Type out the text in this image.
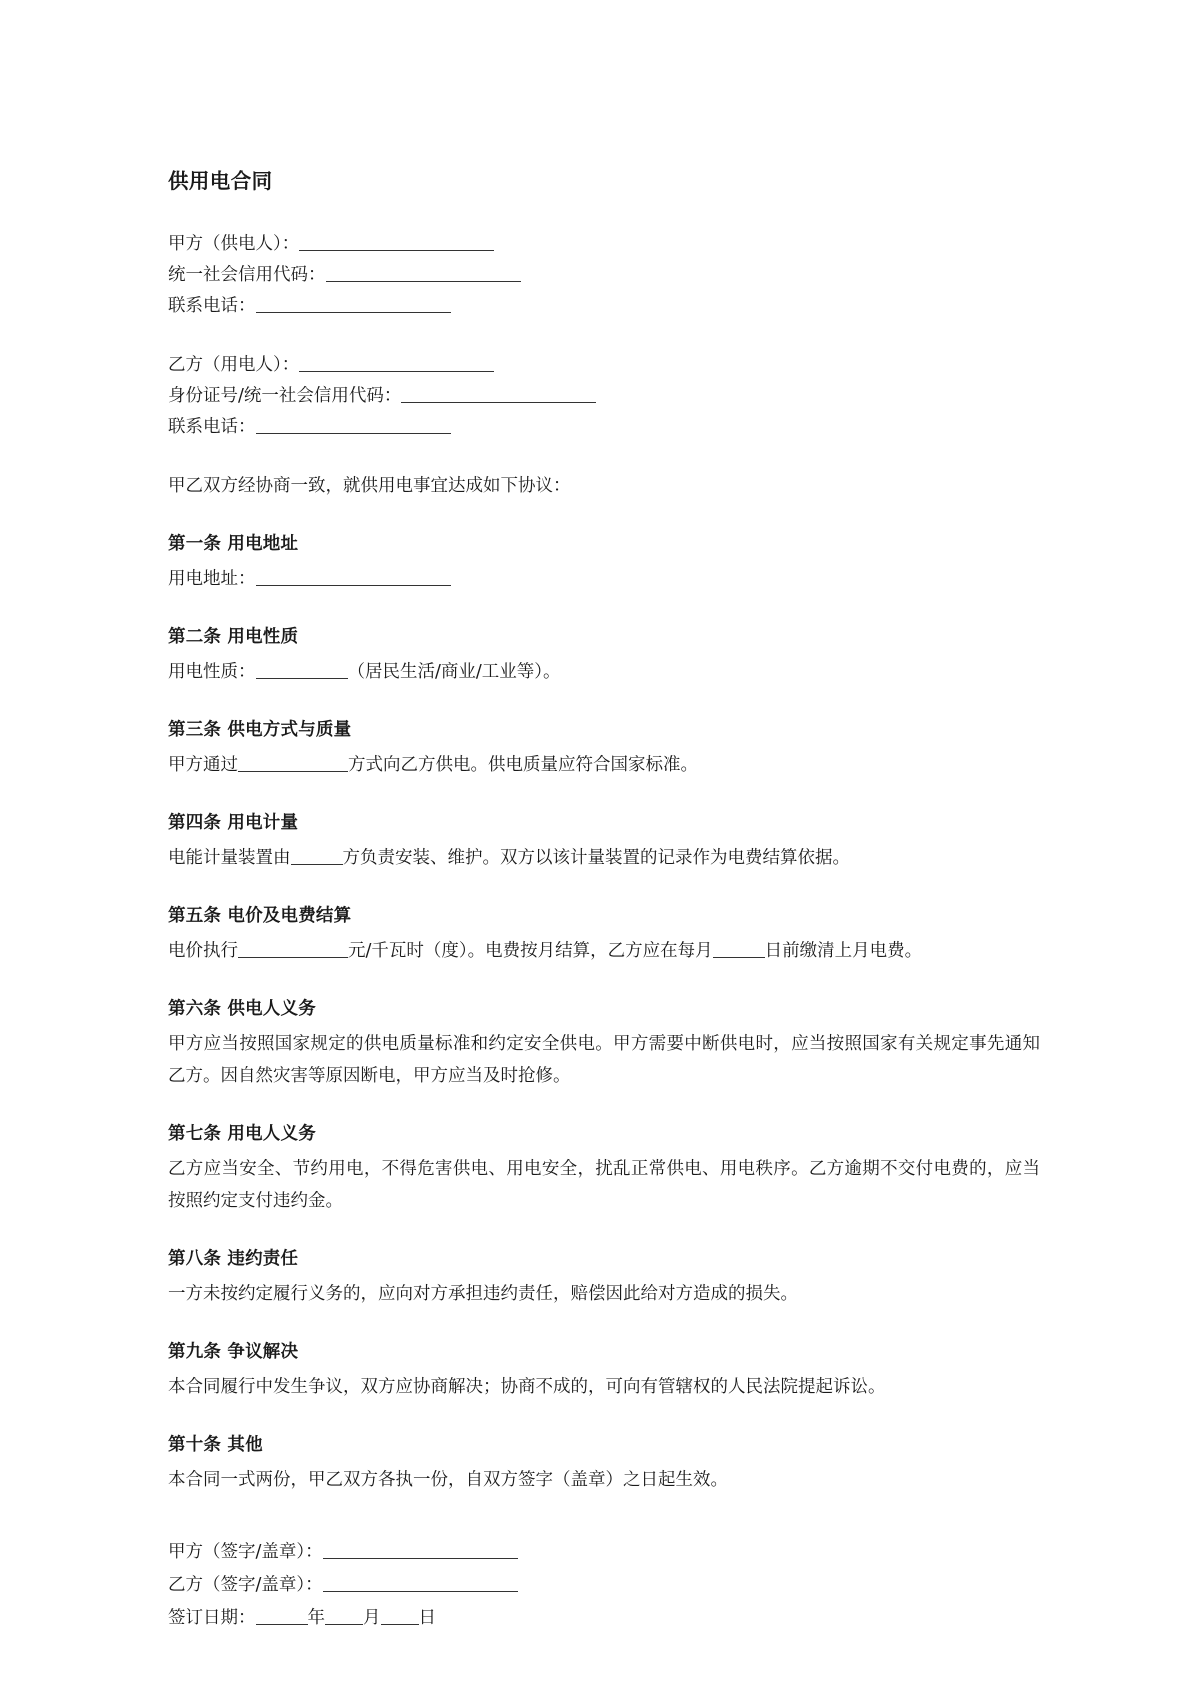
供用电合同

甲方（供电人）：

统一社会信用代码：

联系电话：

乙方（用电人）：

身份证号/统一社会信用代码：

联系电话：

甲乙双方经协商一致，就供用电事宜达成如下协议：

第一条 用电地址

用电地址：

第二条 用电性质

用电性质：	（居民生活/商业/工业等）。

第三条 供电方式与质量

甲方通过	方式向乙方供电。供电质量应符合国家标准。

第四条 用电计量

电能计量装置由	方负责安装、维护。双方以该计量装置的记录作为电费结算依据。

第五条 电价及电费结算

电价执行	元/千瓦时（度）。电费按月结算，乙方应在每月	日前缴清上月电费。

第六条 供电人义务

甲方应当按照国家规定的供电质量标准和约定安全供电。甲方需要中断供电时，应当按照国家有关规定事先通知乙方。因自然灾害等原因断电，甲方应当及时抢修。

第七条 用电人义务

乙方应当安全、节约用电，不得危害供电、用电安全，扰乱正常供电、用电秩序。乙方逾期不交付电费的，应当按照约定支付违约金。

第八条 违约责任

一方未按约定履行义务的，应向对方承担违约责任，赔偿因此给对方造成的损失。

第九条 争议解决

本合同履行中发生争议，双方应协商解决；协商不成的，可向有管辖权的人民法院提起诉讼。

第十条 其他

本合同一式两份，甲乙双方各执一份，自双方签字（盖章）之日起生效。

甲方（签字/盖章）：

乙方（签字/盖章）：

签订日期：	年 月 日
